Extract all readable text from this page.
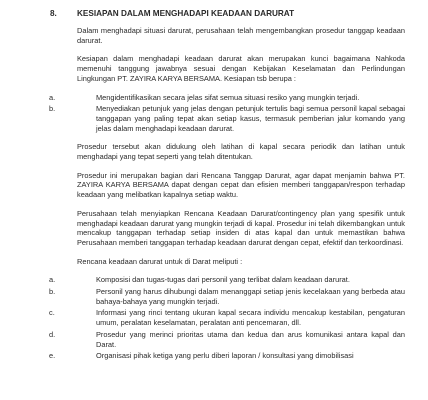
8. KESIAPAN DALAM MENGHADAPI KEADAAN DARURAT

Dalam menghadapi situasi darurat, perusahaan telah mengembangkan prosedur tanggap keadaan darurat.

Kesiapan dalam menghadapi keadaan darurat akan merupakan kunci bagaimana Nahkoda memenuhi tanggung jawabnya sesuai dengan Kebijakan Keselamatan dan Perlindungan Lingkungan PT. ZAYIRA KARYA BERSAMA. Kesiapan tsb berupa :

a.	Mengidentifikasikan secara jelas sifat semua situasi resiko yang mungkin terjadi.
b.	Menyediakan petunjuk yang jelas dengan petunjuk tertulis bagi semua personil kapal sebagai tanggapan yang paling tepat akan setiap kasus, termasuk pemberian jalur komando yang jelas dalam menghadapi keadaan darurat.

Prosedur tersebut akan didukung oleh latihan di kapal secara periodik dan latihan untuk menghadapi yang tepat seperti yang telah ditentukan.

Prosedur ini merupakan bagian dari Rencana Tanggap Darurat, agar dapat menjamin bahwa PT. ZAYIRA KARYA BERSAMA dapat dengan cepat dan efisien memberi tanggapan/respon terhadap keadaan yang melibatkan kapalnya setiap waktu.

Perusahaan telah menyiapkan Rencana Keadaan Darurat/contingency plan yang spesifik untuk menghadapi keadaan darurat yang mungkin terjadi di kapal. Prosedur ini telah dikembangkan untuk mencakup tanggapan terhadap setiap insiden di atas kapal dan untuk memastikan bahwa Perusahaan memberi tanggapan terhadap keadaan darurat dengan cepat, efektif dan terkoordinasi.

Rencana keadaan darurat untuk di Darat meliputi :

a.	Komposisi dan tugas-tugas dari personil yang terlibat dalam keadaan darurat.
b.	Personil yang harus dihubungi dalam menanggapi setiap jenis kecelakaan yang berbeda atau bahaya-bahaya yang mungkin terjadi.
c.	Informasi yang rinci tentang ukuran kapal secara individu mencakup kestabilan, pengaturan umum, peralatan keselamatan, peralatan anti pencemaran, dll.
d.	Prosedur yang merinci prioritas utama dan kedua dan arus komunikasi antara kapal dan Darat.
e.	Organisasi pihak ketiga yang perlu diberi laporan / konsultasi yang dimobilisasi
